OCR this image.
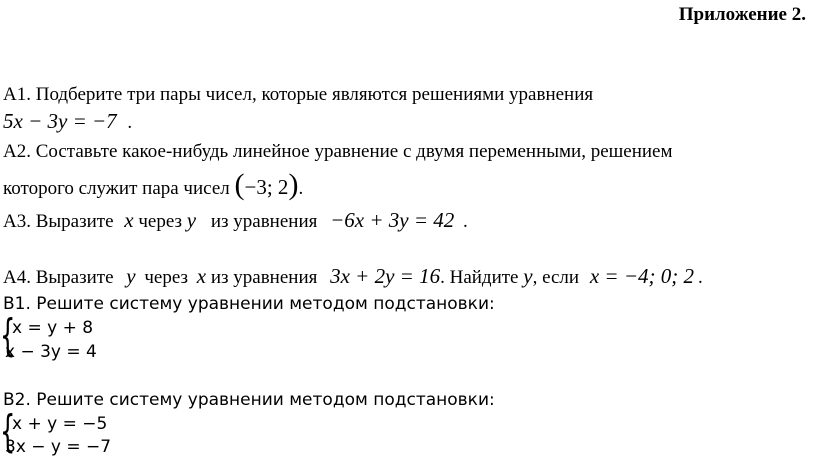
Приложение 2.
А1. Подберите три пары чисел, которые являются решениями уравнения
5x − 3y = −7 .
А2. Составьте какое-нибудь линейное уравнение с двумя переменными, решением
которого служит пара чисел (−3; 2).
А3. Выразите x через y из уравнения −6x + 3y = 42 .
А4. Выразите y через x из уравнения 3x + 2y = 16. Найдите y, если x = −4; 0; 2 .
В1. Решите систему уравнении методом подстановки:
{
x = y + 8
x − 3y = 4
В2. Решите систему уравнении методом подстановки:
{
x + y = −5
3x − y = −7
